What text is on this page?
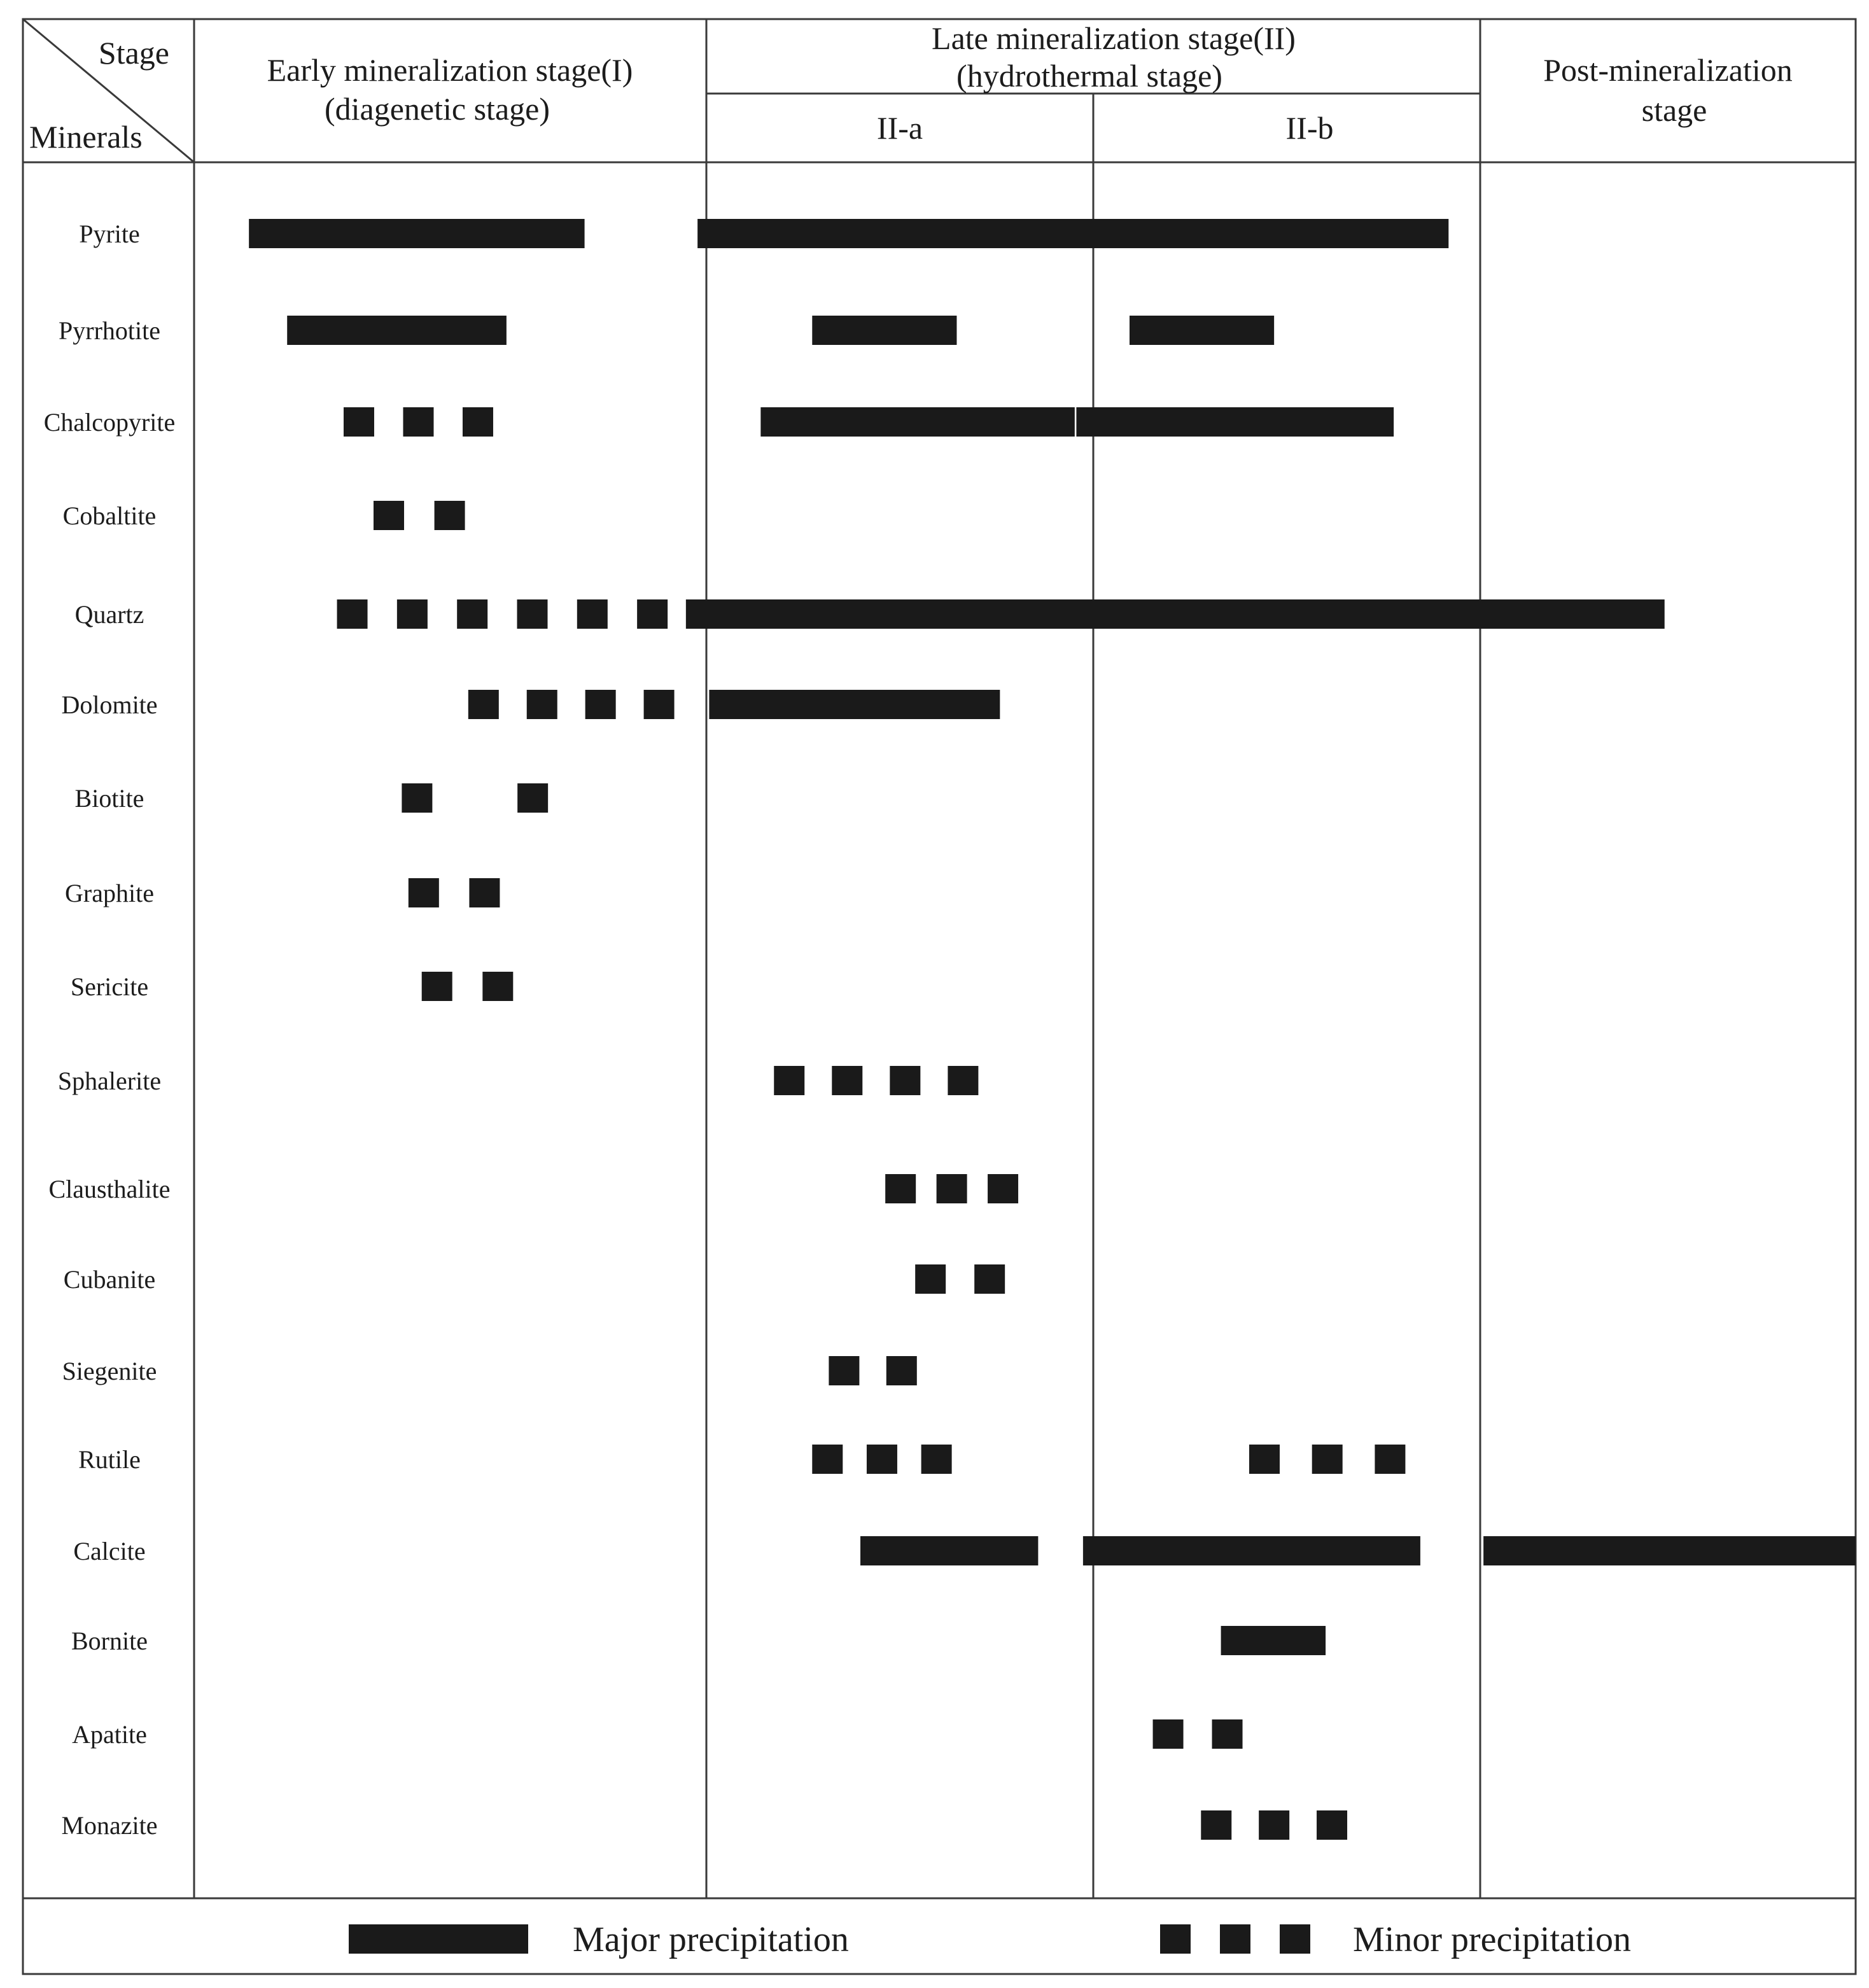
Stage
Minerals
Early mineralization stage(I)
(diagenetic stage)
Late mineralization stage(II)
(hydrothermal stage)
II-a	II-b
Post-mineralization
stage
Pyrite
Pyrrhotite
Chalcopyrite
Cobaltite
Quartz
Dolomite
Biotite
Graphite
Sericite
Sphalerite
Clausthalite
Cubanite
Siegenite
Rutile
Calcite
Bornite
Apatite
Monazite
Major precipitation	Minor precipitation
